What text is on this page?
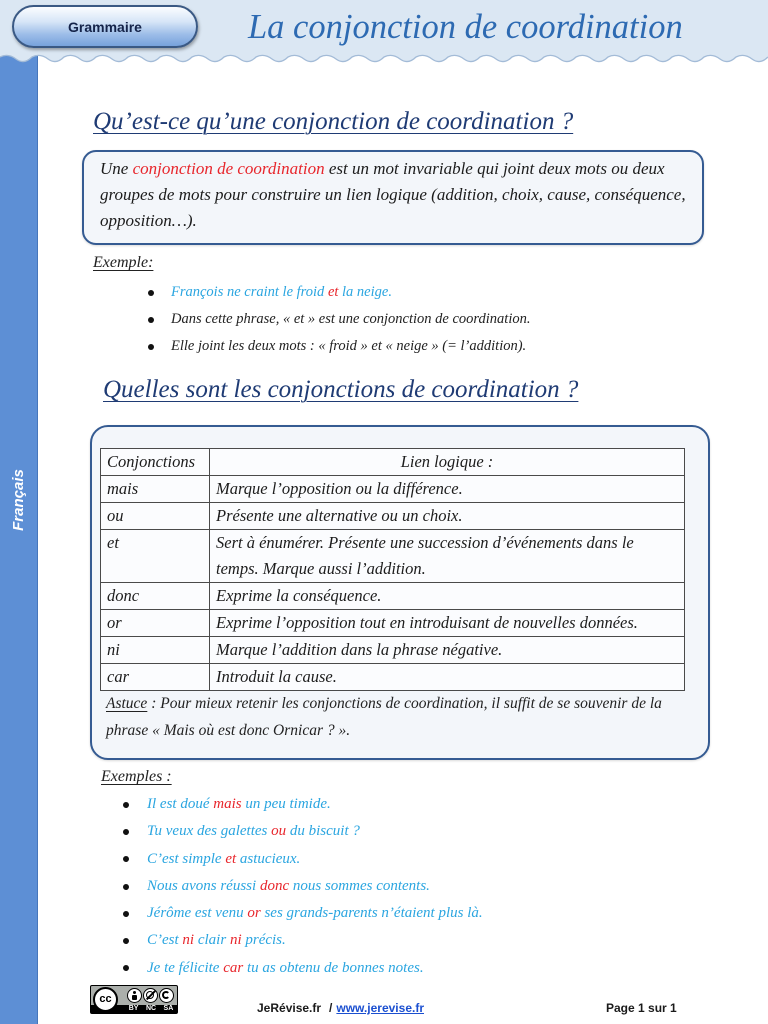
Français
Grammaire	La conjonction de coordination
Qu’est-ce qu’une conjonction de coordination ?

Une conjonction de coordination est un mot invariable qui joint deux mots ou deux groupes de mots pour construire un lien logique (addition, choix, cause, conséquence, opposition…).

Exemple:

François ne craint le froid et la neige.
Dans cette phrase, « et » est une conjonction de coordination.
Elle joint les deux mots : « froid » et « neige » (= l’addition).
Quelles sont les conjonctions de coordination ?
Conjonctions	Lien logique :
mais	Marque l’opposition ou la différence.
ou	Présente une alternative ou un choix.
et	Sert à énumérer. Présente une succession d’événements dans le temps. Marque aussi l’addition.
donc	Exprime la conséquence.
or	Exprime l’opposition tout en introduisant de nouvelles données.
ni	Marque l’addition dans la phrase négative.
car	Introduit la cause.

Astuce : Pour mieux retenir les conjonctions de coordination, il suffit de se souvenir de la phrase « Mais où est donc Ornicar ? ».

Exemples :

Il est doué mais un peu timide.
Tu veux des galettes ou du biscuit ?
C’est simple et astucieux.
Nous avons réussi donc nous sommes contents.
Jérôme est venu or ses grands-parents n’étaient plus là.
C’est ni clair ni précis.
Je te félicite car tu as obtenu de bonnes notes.
cc
BY NC SA	JeRévise.fr / www.jerevise.fr	Page 1 sur 1
